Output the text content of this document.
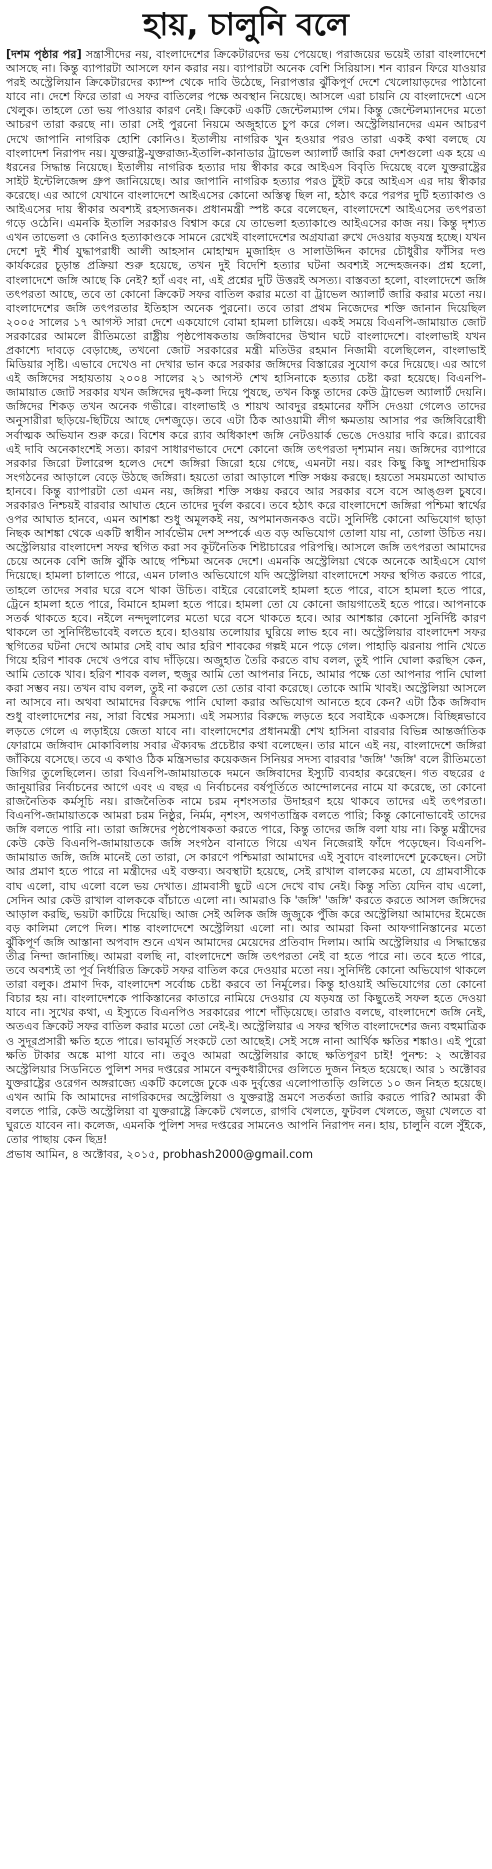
হায়, চালুনি বলে
[দশম পৃষ্ঠার পর] সন্ত্রাসীদের নয়, বাংলাদেশের ক্রিকেটারদের ভয় পেয়েছে। পরাজয়ের ভয়েই তারা বাংলাদেশে আসছে না। কিন্তু ব্যাপারটা আসলে ফান করার নয়। ব্যাপারটা অনেক বেশি সিরিয়াস। শন ব্যারন ফিরে যাওয়ার পরই অস্ট্রেলিয়ান ক্রিকেটারদের ক্যাম্প থেকে দাবি উঠেছে, নিরাপত্তার ঝুঁকিপূর্ণ দেশে খেলোয়াড়দের পাঠানো যাবে না। দেশে ফিরে তারা এ সফর বাতিলের পক্ষে অবস্থান নিয়েছে। আসলে এরা চায়নি যে বাংলাদেশে এসে খেলুক। তাহলে তো ভয় পাওয়ার কারণ নেই। ক্রিকেট একটি জেন্টেলম্যান্স গেম। কিন্তু জেন্টেলম্যানদের মতো আচরণ তারা করছে না। তারা সেই পুরনো নিয়মে অজুহাতে চুপ করে গেল। অস্ট্রেলিয়ানদের এমন আচরণ দেখে জাপানি নাগরিক হোশি কোনিও। ইতালীয় নাগরিক খুন হওয়ার পরও তারা একই কথা বলছে যে বাংলাদেশ নিরাপদ নয়। যুক্তরাষ্ট্র-যুক্তরাজ্য-ইতালি-কানাডার ট্রাভেল অ্যালার্ট জারি করা দেশগুলো এক হয়ে এ ধরনের সিদ্ধান্ত নিয়েছে। ইতালীয় নাগরিক হত্যার দায় স্বীকার করে আইএস বিবৃতি দিয়েছে বলে যুক্তরাষ্ট্রের সাইট ইন্টেলিজেন্স গ্রুপ জানিয়েছে। আর জাপানি নাগরিক হত্যার পরও টুইট করে আইএস এর দায় স্বীকার করেছে। এর আগে যেখানে বাংলাদেশে আইএসের কোনো অস্তিত্ব ছিল না, হঠাৎ করে পরপর দুটি হত্যাকাণ্ড ও আইএসের দায় স্বীকার অবশ্যই রহস্যজনক। প্রধানমন্ত্রী স্পষ্ট করে বলেছেন, বাংলাদেশে আইএসের তৎপরতা গড়ে ওঠেনি। এমনকি ইতালি সরকারও বিশ্বাস করে যে তাভেলা হত্যাকাণ্ডে আইএসের কাজ নয়। কিন্তু দৃশ্যত এখন তাভেলা ও কোনিও হত্যাকাণ্ডকে সামনে রেখেই বাংলাদেশের অগ্রযাত্রা রুখে দেওয়ার ষড়যন্ত্র হচ্ছে। যখন দেশে দুই শীর্ষ যুদ্ধাপরাধী আলী আহসান মোহাম্মদ মুজাহিদ ও সালাউদ্দিন কাদের চৌধুরীর ফাঁসির দণ্ড কার্যকরের চূড়ান্ত প্রক্রিয়া শুরু হয়েছে, তখন দুই বিদেশি হত্যার ঘটনা অবশ্যই সন্দেহজনক। প্রশ্ন হলো, বাংলাদেশে জঙ্গি আছে কি নেই? হ্যাঁ এবং না, এই প্রশ্নের দুটি উত্তরই অসত্য। বাস্তবতা হলো, বাংলাদেশে জঙ্গি তৎপরতা আছে, তবে তা কোনো ক্রিকেট সফর বাতিল করার মতো বা ট্রাভেল অ্যালার্ট জারি করার মতো নয়। বাংলাদেশের জঙ্গি তৎপরতার ইতিহাস অনেক পুরনো। তবে তারা প্রথম নিজেদের শক্তি জানান দিয়েছিল ২০০৫ সালের ১৭ আগস্ট সারা দেশে একযোগে বোমা হামলা চালিয়ে। একই সময়ে বিএনপি-জামায়াত জোট সরকারের আমলে রীতিমতো রাষ্ট্রীয় পৃষ্ঠপোষকতায় জঙ্গিবাদের উত্থান ঘটে বাংলাদেশে। বাংলাভাই যখন প্রকাশ্যে দাবড়ে বেড়াচ্ছে, তখনো জোট সরকারের মন্ত্রী মতিউর রহমান নিজামী বলেছিলেন, বাংলাভাই মিডিয়ার সৃষ্টি। এভাবে দেখেও না দেখার ভান করে সরকার জঙ্গিদের বিস্তারের সুযোগ করে দিয়েছে। এর আগে এই জঙ্গিদের সহায়তায় ২০০৪ সালের ২১ আগস্ট শেখ হাসিনাকে হত্যার চেষ্টা করা হয়েছে। বিএনপি-জামায়াত জোট সরকার যখন জঙ্গিদের দুধ-কলা দিয়ে পুষছে, তখন কিন্তু তাদের কেউ ট্রাভেল অ্যালার্ট দেয়নি। জঙ্গিদের শিকড় তখন অনেক গভীরে। বাংলাভাই ও শায়খ আবদুর রহমানের ফাঁসি দেওয়া গেলেও তাদের অনুসারীরা ছড়িয়ে-ছিটিয়ে আছে দেশজুড়ে। তবে এটা ঠিক আওয়ামী লীগ ক্ষমতায় আসার পর জঙ্গিবিরোধী সর্বাত্মক অভিযান শুরু করে। বিশেষ করে র‍্যাব অধিকাংশ জঙ্গি নেটওয়ার্ক ভেঙে দেওয়ার দাবি করে। র‍্যাবের এই দাবি অনেকাংশেই সত্য। কারণ সাধারণভাবে দেশে কোনো জঙ্গি তৎপরতা দৃশ্যমান নয়। জঙ্গিদের ব্যাপারে সরকার জিরো টলারেন্স হলেও দেশে জঙ্গিরা জিরো হয়ে গেছে, এমনটা নয়। বরং কিছু কিছু সাম্প্রদায়িক সংগঠনের আড়ালে বেড়ে উঠছে জঙ্গিরা। হয়তো তারা আড়ালে শক্তি সঞ্চয় করছে। হয়তো সময়মতো আঘাত হানবে। কিন্তু ব্যাপারটা তো এমন নয়, জঙ্গিরা শক্তি সঞ্চয় করবে আর সরকার বসে বসে আঙ্গুল চুষবে। সরকারও নিশ্চয়ই বারবার আঘাত হেনে তাদের দুর্বল করবে। তবে হঠাৎ করে বাংলাদেশে জঙ্গিরা পশ্চিমা স্বার্থের ওপর আঘাত হানবে, এমন আশঙ্কা শুধু অমূলকই নয়, অপমানজনকও বটে। সুনির্দিষ্ট কোনো অভিযোগ ছাড়া নিছক আশঙ্কা থেকে একটি স্বাধীন সার্বভৌম দেশ সম্পর্কে এত বড় অভিযোগ তোলা যায় না, তোলা উচিত নয়। অস্ট্রেলিয়ার বাংলাদেশ সফর স্থগিত করা সব কূটনৈতিক শিষ্টাচারের পরিপন্থি। আসলে জঙ্গি তৎপরতা আমাদের চেয়ে অনেক বেশি জঙ্গি ঝুঁকি আছে পশ্চিমা অনেক দেশে। এমনকি অস্ট্রেলিয়া থেকে অনেকে আইএসে যোগ দিয়েছে। হামলা চালাতে পারে, এমন ঢালাও অভিযোগে যদি অস্ট্রেলিয়া বাংলাদেশে সফর স্থগিত করতে পারে, তাহলে তাদের সবার ঘরে বসে থাকা উচিত। বাইরে বেরোলেই হামলা হতে পারে, বাসে হামলা হতে পারে, ট্রেনে হামলা হতে পারে, বিমানে হামলা হতে পারে। হামলা তো যে কোনো জায়গাতেই হতে পারে। আপনাকে সতর্ক থাকতে হবে। নইলে নন্দদুলালের মতো ঘরে বসে থাকতে হবে। আর আশঙ্কার কোনো সুনির্দিষ্ট কারণ থাকলে তা সুনির্দিষ্টভাবেই বলতে হবে। হাওয়ায় তলোয়ার ঘুরিয়ে লাভ হবে না। অস্ট্রেলিয়ার বাংলাদেশ সফর স্থগিতের ঘটনা দেখে আমার সেই বাঘ আর হরিণ শাবকের গল্পই মনে পড়ে গেল। পাহাড়ি ঝরনায় পানি খেতে গিয়ে হরিণ শাবক দেখে ওপরে বাঘ দাঁড়িয়ে। অজুহাত তৈরি করতে বাঘ বলল, তুই পানি ঘোলা করছিস কেন, আমি তোকে খাব। হরিণ শাবক বলল, হুজুর আমি তো আপনার নিচে, আমার পক্ষে তো আপনার পানি ঘোলা করা সম্ভব নয়। তখন বাঘ বলল, তুই না করলে তো তোর বাবা করেছে। তোকে আমি খাবই। অস্ট্রেলিয়া আসলে না আসবে না। অথবা আমাদের বিরুদ্ধে পানি ঘোলা করার অভিযোগ আনতে হবে কেন? এটা ঠিক জঙ্গিবাদ শুধু বাংলাদেশের নয়, সারা বিশ্বের সমস্যা। এই সমস্যার বিরুদ্ধে লড়তে হবে সবাইকে একসঙ্গে। বিচ্ছিন্নভাবে লড়তে গেলে এ লড়াইয়ে জেতা যাবে না। বাংলাদেশের প্রধানমন্ত্রী শেখ হাসিনা বারবার বিভিন্ন আন্তর্জাতিক ফোরামে জঙ্গিবাদ মোকাবিলায় সবার ঐক্যবদ্ধ প্রচেষ্টার কথা বলেছেন। তার মানে এই নয়, বাংলাদেশে জঙ্গিরা জাঁকিয়ে বসেছে। তবে এ কথাও ঠিক মন্ত্রিসভার কয়েকজন সিনিয়র সদস্য বারবার 'জঙ্গি' 'জঙ্গি' বলে রীতিমতো জিগির তুলেছিলেন। তারা বিএনপি-জামায়াতকে দমনে জঙ্গিবাদের ইস্যুটি ব্যবহার করেছেন। গত বছরের ৫ জানুয়ারির নির্বাচনের আগে এবং এ বছর এ নির্বাচনের বর্ষপূর্তিতে আন্দোলনের নামে যা করেছে, তা কোনো রাজনৈতিক কর্মসূচি নয়। রাজনৈতিক নামে চরম নৃশংসতার উদাহরণ হয়ে থাকবে তাদের এই তৎপরতা। বিএনপি-জামায়াতকে আমরা চরম নিষ্ঠুর, নির্মম, নৃশংস, অগণতান্ত্রিক বলতে পারি; কিন্তু কোনোভাবেই তাদের জঙ্গি বলতে পারি না। তারা জঙ্গিদের পৃষ্ঠপোষকতা করতে পারে, কিন্তু তাদের জঙ্গি বলা যায় না। কিন্তু মন্ত্রীদের কেউ কেউ বিএনপি-জামায়াতকে জঙ্গি সংগঠন বানাতে গিয়ে এখন নিজেরাই ফাঁদে পড়েছেন। বিএনপি-জামায়াত জঙ্গি, জঙ্গি মানেই তো তারা, সে কারণে পশ্চিমারা আমাদের এই সুবাদে বাংলাদেশে ঢুকেছেন। সেটা আর প্রমাণ হতে পারে না মন্ত্রীদের এই বক্তব্য। অবস্থাটা হয়েছে, সেই রাখাল বালকের মতো, যে গ্রামবাসীকে বাঘ এলো, বাঘ এলো বলে ভয় দেখাত। গ্রামবাসী ছুটে এসে দেখে বাঘ নেই। কিন্তু সত্যি যেদিন বাঘ এলো, সেদিন আর কেউ রাখাল বালককে বাঁচাতে এলো না। আমরাও কি 'জঙ্গি' 'জঙ্গি' করতে করতে আসল জঙ্গিদের আড়াল করছি, ভয়টা কাটিয়ে দিয়েছি। আজ সেই অলিক জঙ্গি জুজুকে পুঁজি করে অস্ট্রেলিয়া আমাদের ইমেজে বড় কালিমা লেপে দিল। শান্ত বাংলাদেশে অস্ট্রেলিয়া এলো না। আর আমরা কিনা আফগানিস্তানের মতো ঝুঁকিপূর্ণ জঙ্গি আস্তানা অপবাদ শুনে এখন আমাদের মেয়েদের প্রতিবাদ দিলাম। আমি অস্ট্রেলিয়ার এ সিদ্ধান্তের তীব্র নিন্দা জানাচ্ছি। আমরা বলছি না, বাংলাদেশে জঙ্গি তৎপরতা নেই বা হতে পারে না। তবে হতে পারে, তবে অবশ্যই তা পূর্ব নির্ধারিত ক্রিকেট সফর বাতিল করে দেওয়ার মতো নয়। সুনির্দিষ্ট কোনো অভিযোগ থাকলে তারা বলুক। প্রমাণ দিক, বাংলাদেশ সর্বোচ্চ চেষ্টা করবে তা নির্মূলের। কিন্তু হাওয়াই অভিযোগের তো কোনো বিচার হয় না। বাংলাদেশকে পাকিস্তানের কাতারে নামিয়ে দেওয়ার যে ষড়যন্ত্র তা কিছুতেই সফল হতে দেওয়া যাবে না। সুখের কথা, এ ইস্যুতে বিএনপিও সরকারের পাশে দাঁড়িয়েছে। তারাও বলছে, বাংলাদেশে জঙ্গি নেই, অতএব ক্রিকেট সফর বাতিল করার মতো তো নেই-ই। অস্ট্রেলিয়ার এ সফর স্থগিত বাংলাদেশের জন্য বহুমাত্রিক ও সুদূরপ্রসারী ক্ষতি হতে পারে। ভাবমূর্তি সংকটে তো আছেই। সেই সঙ্গে নানা আর্থিক ক্ষতির শঙ্কাও। এই পুরো ক্ষতি টাকার অঙ্কে মাপা যাবে না। তবুও আমরা অস্ট্রেলিয়ার কাছে ক্ষতিপূরণ চাই! পুনশ্চ: ২ অক্টোবর অস্ট্রেলিয়ার সিডনিতে পুলিশ সদর দপ্তরের সামনে বন্দুকধারীদের গুলিতে দুজন নিহত হয়েছে। আর ১ অক্টোবর যুক্তরাষ্ট্রের ওরেগন অঙ্গরাজ্যে একটি কলেজে ঢুকে এক দুর্বৃত্তের এলোপাতাড়ি গুলিতে ১০ জন নিহত হয়েছে। এখন আমি কি আমাদের নাগরিকদের অস্ট্রেলিয়া ও যুক্তরাষ্ট্র ভ্রমণে সতর্কতা জারি করতে পারি? আমরা কী বলতে পারি, কেউ অস্ট্রেলিয়া বা যুক্তরাষ্ট্রে ক্রিকেট খেলতে, রাগবি খেলতে, ফুটবল খেলতে, জুয়া খেলতে বা ঘুরতে যাবেন না। কলেজ, এমনকি পুলিশ সদর দপ্তরের সামনেও আপনি নিরাপদ নন। হায়, চালুনি বলে সুঁইকে, তোর পাছায় কেন ছিদ্র!
প্রভাষ আমিন, ৪ অক্টোবর, ২০১৫, probhash2000@gmail.com
